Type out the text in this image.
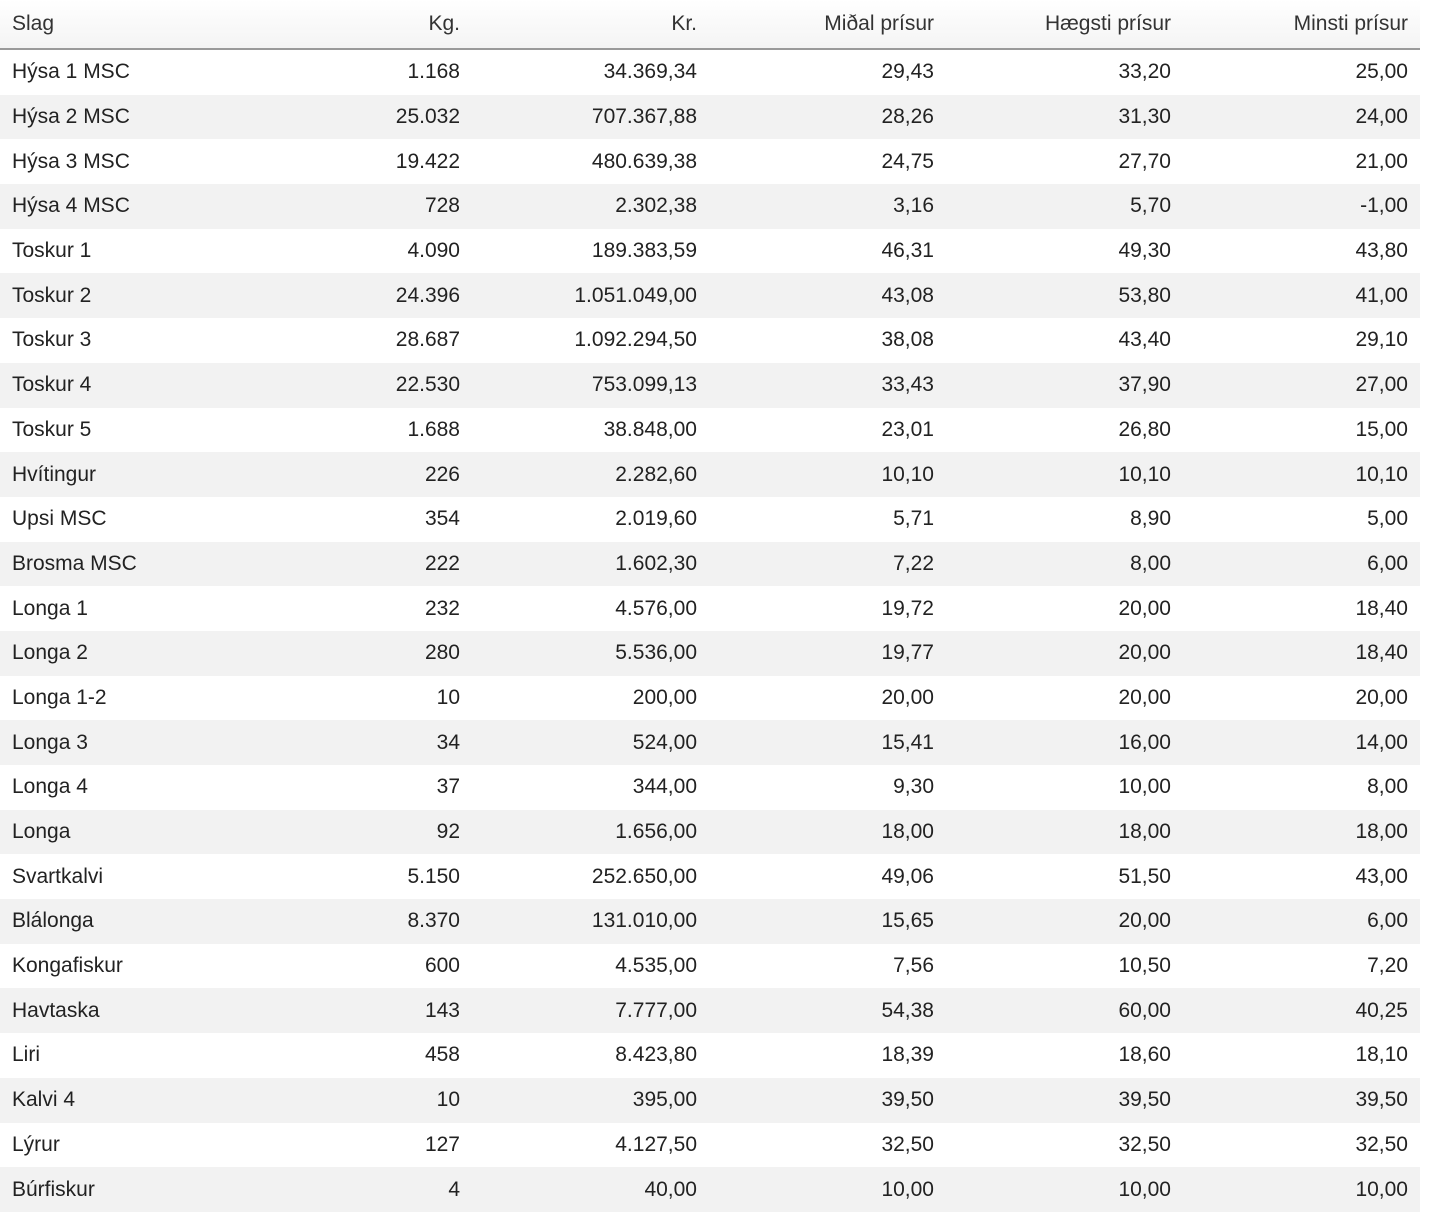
Slag	Kg.	Kr.	Miðal prísur	Hægsti prísur	Minsti prísur
Hýsa 1 MSC	1.168	34.369,34	29,43	33,20	25,00
Hýsa 2 MSC	25.032	707.367,88	28,26	31,30	24,00
Hýsa 3 MSC	19.422	480.639,38	24,75	27,70	21,00
Hýsa 4 MSC	728	2.302,38	3,16	5,70	-1,00
Toskur 1	4.090	189.383,59	46,31	49,30	43,80
Toskur 2	24.396	1.051.049,00	43,08	53,80	41,00
Toskur 3	28.687	1.092.294,50	38,08	43,40	29,10
Toskur 4	22.530	753.099,13	33,43	37,90	27,00
Toskur 5	1.688	38.848,00	23,01	26,80	15,00
Hvítingur	226	2.282,60	10,10	10,10	10,10
Upsi MSC	354	2.019,60	5,71	8,90	5,00
Brosma MSC	222	1.602,30	7,22	8,00	6,00
Longa 1	232	4.576,00	19,72	20,00	18,40
Longa 2	280	5.536,00	19,77	20,00	18,40
Longa 1-2	10	200,00	20,00	20,00	20,00
Longa 3	34	524,00	15,41	16,00	14,00
Longa 4	37	344,00	9,30	10,00	8,00
Longa	92	1.656,00	18,00	18,00	18,00
Svartkalvi	5.150	252.650,00	49,06	51,50	43,00
Blálonga	8.370	131.010,00	15,65	20,00	6,00
Kongafiskur	600	4.535,00	7,56	10,50	7,20
Havtaska	143	7.777,00	54,38	60,00	40,25
Liri	458	8.423,80	18,39	18,60	18,10
Kalvi 4	10	395,00	39,50	39,50	39,50
Lýrur	127	4.127,50	32,50	32,50	32,50
Búrfiskur	4	40,00	10,00	10,00	10,00
